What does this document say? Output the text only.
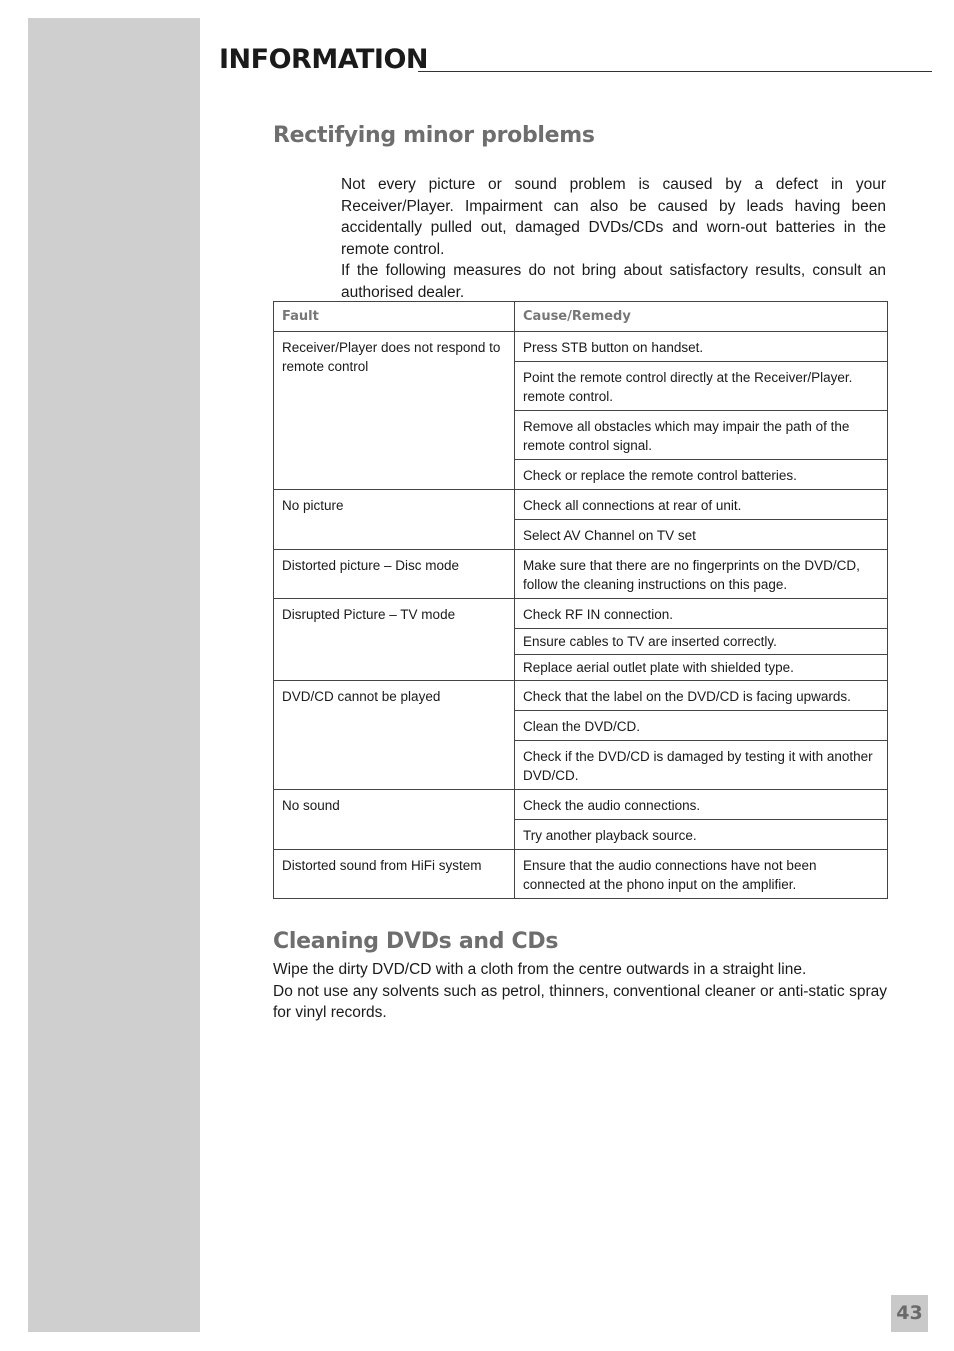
INFORMATION
Rectifying minor problems

Not every picture or sound problem is caused by a defect in your Receiver/Player. Impairment can also be caused by leads having been accidentally pulled out, damaged DVDs/CDs and worn-out batteries in the remote control.

If the following measures do not bring about satisfactory results, consult an authorised dealer.

Fault	Cause/Remedy

Receiver/Player does not respond to remote control	Press STB button on handset.

	Point the remote control directly at the Receiver/Player. remote control.

	Remove all obstacles which may impair the path of the remote control signal.

	Check or replace the remote control batteries.

No picture	Check all connections at rear of unit.

	Select AV Channel on TV set

Distorted picture – Disc mode	Make sure that there are no fingerprints on the DVD/CD, follow the cleaning instructions on this page.

Disrupted Picture – TV mode	Check RF IN connection.

	Ensure cables to TV are inserted correctly.

	Replace aerial outlet plate with shielded type.

DVD/CD cannot be played	Check that the label on the DVD/CD is facing upwards.

	Clean the DVD/CD.

	Check if the DVD/CD is damaged by testing it with another DVD/CD.

No sound	Check the audio connections.

	Try another playback source.

Distorted sound from HiFi system	Ensure that the audio connections have not been connected at the phono input on the amplifier.
Cleaning DVDs and CDs

Wipe the dirty DVD/CD with a cloth from the centre outwards in a straight line.

Do not use any solvents such as petrol, thinners, conventional cleaner or anti-static spray for vinyl records.

43
